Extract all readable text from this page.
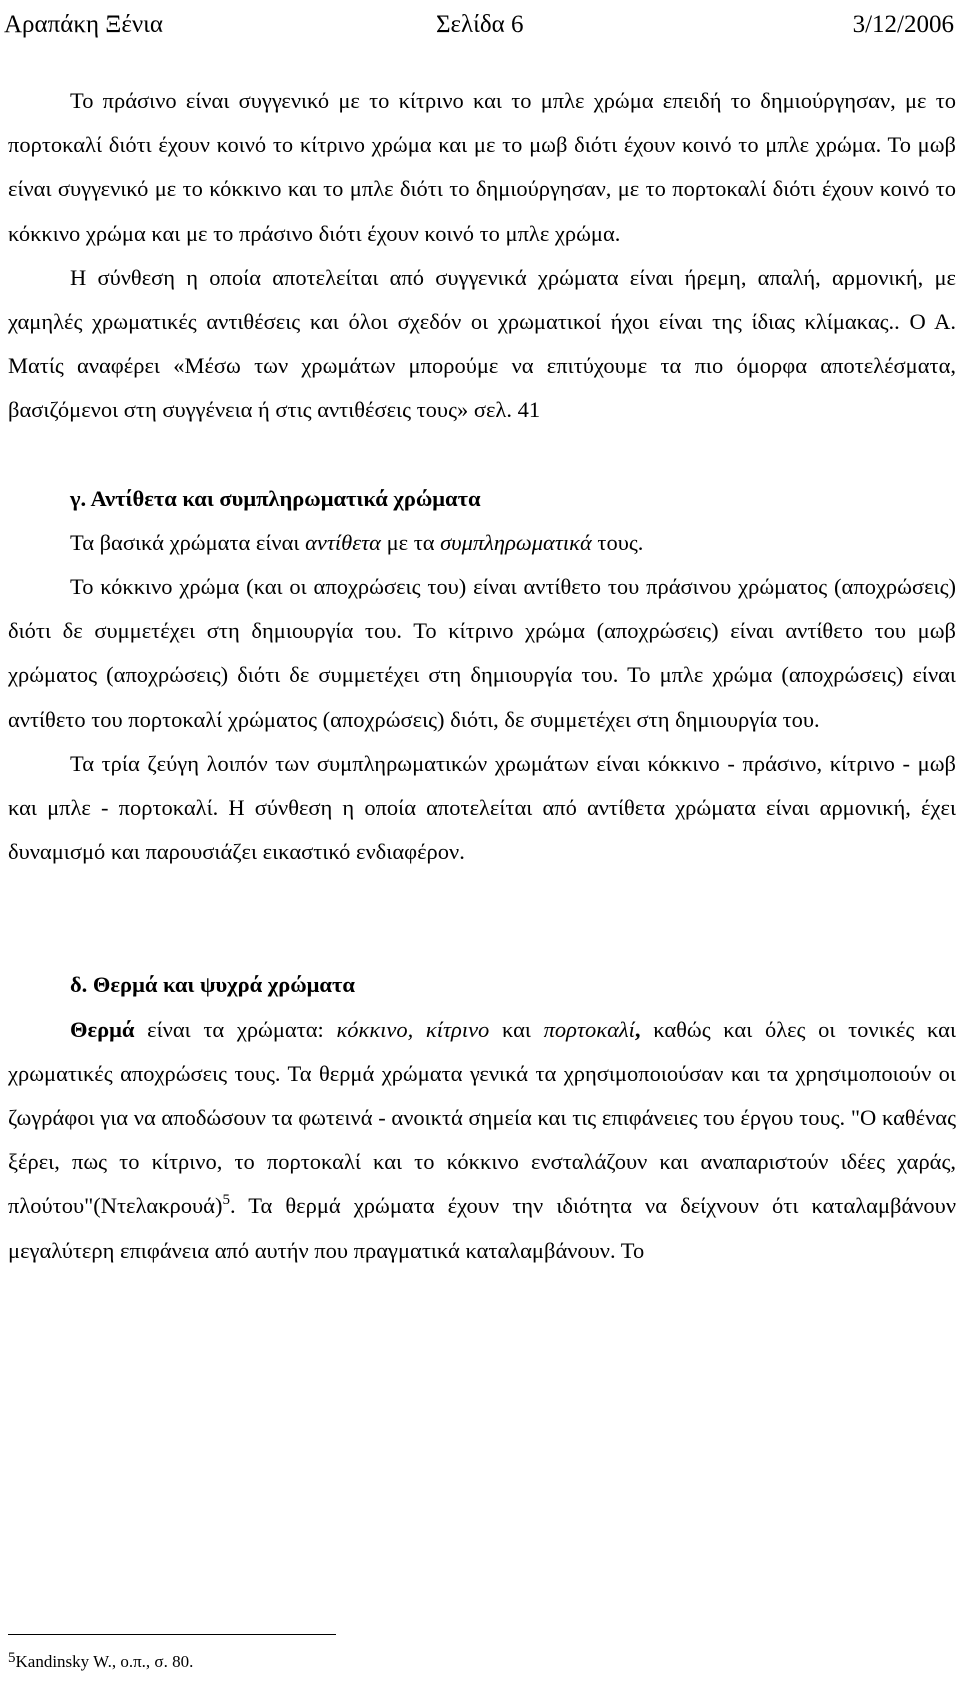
Αραπάκη Ξένια	Σελίδα 6	3/12/2006

Το πράσινο είναι συγγενικό με το κίτρινο και το μπλε χρώμα επειδή το δημιούργησαν, με το πορτοκαλί διότι έχουν κοινό το κίτρινο χρώμα και με το μωβ διότι έχουν κοινό το μπλε χρώμα. Το μωβ είναι συγγενικό με το κόκκινο και το μπλε διότι το δημιούργησαν, με το πορτοκαλί διότι έχουν κοινό το κόκκινο χρώμα και με το πράσινο διότι έχουν κοινό το μπλε χρώμα.

Η σύνθεση η οποία αποτελείται από συγγενικά χρώματα είναι ήρεμη, απαλή, αρμονική, με χαμηλές χρωματικές αντιθέσεις και όλοι σχεδόν οι χρωματικοί ήχοι είναι της ίδιας κλίμακας.. Ο Α. Ματίς αναφέρει «Μέσω των χρωμάτων μπορούμε να επιτύχουμε τα πιο όμορφα αποτελέσματα, βασιζόμενοι στη συγγένεια ή στις αντιθέσεις τους» σελ. 41

γ. Αντίθετα και συμπληρωματικά χρώματα

Τα βασικά χρώματα είναι αντίθετα με τα συμπληρωματικά τους.

Το κόκκινο χρώμα (και οι αποχρώσεις του) είναι αντίθετο του πράσινου χρώματος (αποχρώσεις) διότι δε συμμετέχει στη δημιουργία του. Το κίτρινο χρώμα (αποχρώσεις) είναι αντίθετο του μωβ χρώματος (αποχρώσεις) διότι δε συμμετέχει στη δημιουργία του. Το μπλε χρώμα (αποχρώσεις) είναι αντίθετο του πορτοκαλί χρώματος (αποχρώσεις) διότι, δε συμμετέχει στη δημιουργία του.

Τα τρία ζεύγη λοιπόν των συμπληρωματικών χρωμάτων είναι κόκκινο - πράσινο, κίτρινο - μωβ και μπλε - πορτοκαλί. Η σύνθεση η οποία αποτελείται από αντίθετα χρώματα είναι αρμονική, έχει δυναμισμό και παρουσιάζει εικαστικό ενδιαφέρον.

δ. Θερμά και ψυχρά χρώματα

Θερμά είναι τα χρώματα: κόκκινο, κίτρινο και πορτοκαλί, καθώς και όλες οι τονικές και χρωματικές αποχρώσεις τους. Τα θερμά χρώματα γενικά τα χρησιμοποιούσαν και τα χρησιμοποιούν οι ζωγράφοι για να αποδώσουν τα φωτεινά - ανοικτά σημεία και τις επιφάνειες του έργου τους. "Ο καθένας ξέρει, πως το κίτρινο, το πορτοκαλί και το κόκκινο ενσταλάζουν και αναπαριστούν ιδέες χαράς, $\pi\lambda oύ\tau o\upsilon"(N\tau\varepsilon\lambda\alpha\kappa\rho o\upsilon ά)^5$. Τα θερμά χρώματα έχουν την ιδιότητα να δείχνουν ότι καταλαμβάνουν μεγαλύτερη επιφάνεια από αυτήν που πραγματικά καταλαμβάνουν. Το

$^5$Kandinsky W., ο.π., σ. 80.
